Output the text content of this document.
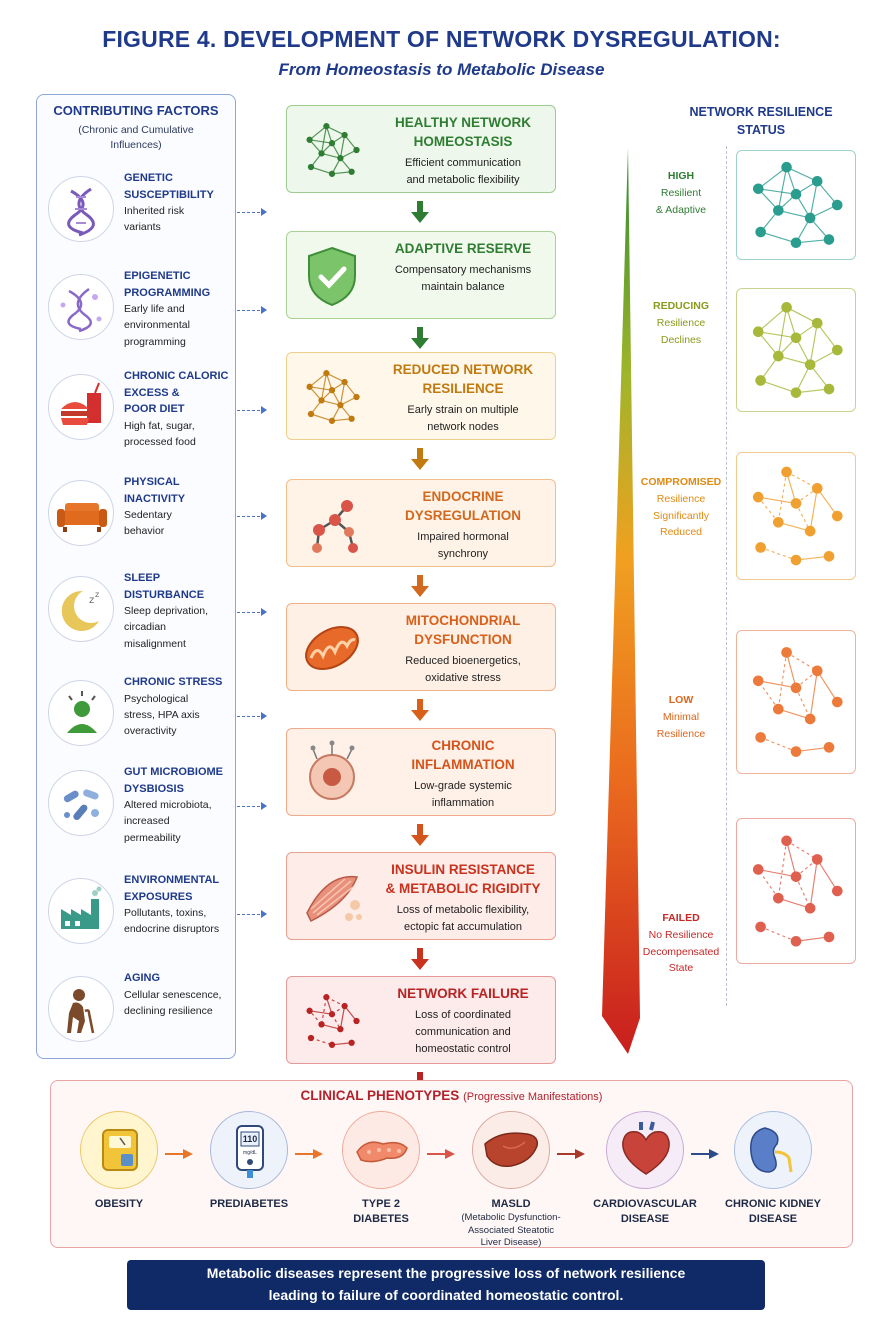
FIGURE 4. DEVELOPMENT OF NETWORK DYSREGULATION:
From Homeostasis to Metabolic Disease
CONTRIBUTING FACTORS
(Chronic and Cumulative Influences)
GENETIC
SUSCEPTIBILITY
Inherited risk
variants
EPIGENETIC
PROGRAMMING
Early life and
environmental
programming
CHRONIC CALORIC
EXCESS &
POOR DIET
High fat, sugar,
processed food
PHYSICAL
INACTIVITY
Sedentary
behavior
z
z
SLEEP
DISTURBANCE
Sleep deprivation,
circadian
misalignment
CHRONIC STRESS
Psychological
stress, HPA axis
overactivity
GUT MICROBIOME
DYSBIOSIS
Altered microbiota,
increased
permeability
ENVIRONMENTAL
EXPOSURES
Pollutants, toxins,
endocrine disruptors
AGING
Cellular senescence,
declining resilience
HEALTHY NETWORK
HOMEOSTASIS
Efficient communication
and metabolic flexibility
ADAPTIVE RESERVE
Compensatory mechanisms
maintain balance
REDUCED NETWORK
RESILIENCE
Early strain on multiple
network nodes
ENDOCRINE
DYSREGULATION
Impaired hormonal
synchrony
MITOCHONDRIAL
DYSFUNCTION
Reduced bioenergetics,
oxidative stress
CHRONIC
INFLAMMATION
Low-grade systemic
inflammation
INSULIN RESISTANCE
& METABOLIC RIGIDITY
Loss of metabolic flexibility,
ectopic fat accumulation
NETWORK FAILURE
Loss of coordinated
communication and
homeostatic control
NETWORK RESILIENCE
STATUS
HIGH
Resilient
& Adaptive
REDUCING
Resilience
Declines
COMPROMISED
Resilience
Significantly
Reduced
LOW
Minimal
Resilience
FAILED
No Resilience
Decompensated
State
CLINICAL PHENOTYPES (Progressive Manifestations)
OBESITY
110
mg/dL
PREDIABETES	TYPE 2
DIABETES
MASLD
(Metabolic Dysfunction-
Associated Steatotic
Liver Disease)
CARDIOVASCULAR
DISEASE
CHRONIC KIDNEY
DISEASE
Metabolic diseases represent the progressive loss of network resilience
leading to failure of coordinated homeostatic control.
